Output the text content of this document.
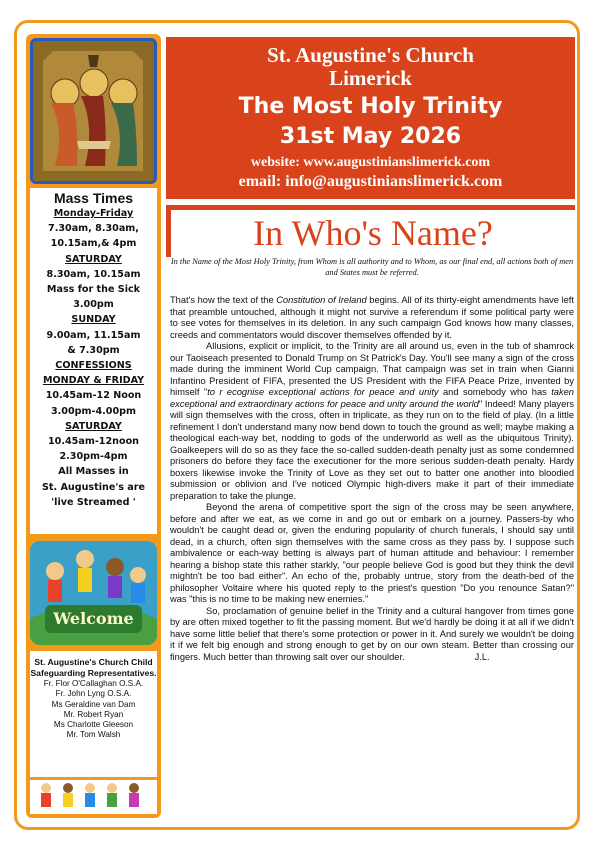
Mass Times
Monday-Friday
7.30am, 8.30am,
10.15am,& 4pm
SATURDAY
8.30am, 10.15am
Mass for the Sick
3.00pm
SUNDAY
9.00am, 11.15am
& 7.30pm
CONFESSIONS
MONDAY & FRIDAY
10.45am-12 Noon
3.00pm-4.00pm
SATURDAY
10.45am-12noon
2.30pm-4pm
All Masses in
St. Augustine's are
'live Streamed '
Welcome
St. Augustine's Church Child Safeguarding Representatives.
Fr. Flor O'Callaghan O.S.A.
Fr. John Lyng O.S.A.
Ms Geraldine van Dam
Mr. Robert Ryan
Ms Charlotte Gleeson
Mr. Tom Walsh
St. Augustine's Church
Limerick
The Most Holy Trinity
31st May 2026
website: www.augustinianslimerick.com
email: info@augustinianslimerick.com
In Who's Name?
In the Name of the Most Holy Trinity, from Whom is all authority and to Whom, as our final end, all actions both of men and States must be referred.

That's how the text of the Constitution of Ireland begins. All of its thirty-eight amendments have left that preamble untouched, although it might not survive a referendum if some political party were to see votes for themselves in its deletion. In any such campaign God knows how many classes, creeds and commentators would discover themselves offended by it.

Allusions, explicit or implicit, to the Trinity are all around us, even in the tub of shamrock our Taoiseach presented to Donald Trump on St Patrick's Day. You'll see many a sign of the cross made during the imminent World Cup campaign. That campaign was set in train when Gianni Infantino President of FIFA, presented the US President with the FIFA Peace Prize, invented by himself "to r ecognise exceptional actions for peace and unity and somebody who has taken exceptional and extraordinary actions for peace and unity around the world" Indeed! Many players will sign themselves with the cross, often in triplicate, as they run on to the field of play. (In a little refinement I don't understand many now bend down to touch the ground as well; maybe making a theological each-way bet, nodding to gods of the underworld as well as the ubiquitous Trinity). Goalkeepers will do so as they face the so-called sudden-death penalty just as some condemned prisoners do before they face the executioner for the more serious sudden-death penalty. Hardy boxers likewise invoke the Trinity of Love as they set out to batter one another into bloodied submission or oblivion and I've noticed Olympic high-divers make it part of their immediate preparation to take the plunge.

Beyond the arena of competitive sport the sign of the cross may be seen anywhere, before and after we eat, as we come in and go out or embark on a journey. Passers-by who wouldn't be caught dead or, given the enduring popularity of church funerals, I should say until dead, in a church, often sign themselves with the same cross as they pass by. I suppose such ambivalence or each-way betting is always part of human attitude and behaviour: I remember hearing a bishop state this rather starkly, "our people believe God is good but they think the devil mightn't be too bad either". An echo of the, probably untrue, story from the death-bed of the philosopher Voltaire where his quoted reply to the priest's question "Do you renounce Satan?" was "this is no time to be making new enemies."

So, proclamation of genuine belief in the Trinity and a cultural hangover from times gone by are often mixed together to fit the passing moment. But we'd hardly be doing it at all if we didn't have some little belief that there's some protection or power in it. And surely we wouldn't be doing it if we felt big enough and strong enough to get by on our own steam. Better than crossing our fingers. Much better than throwing salt over our shoulder.	J.L.
